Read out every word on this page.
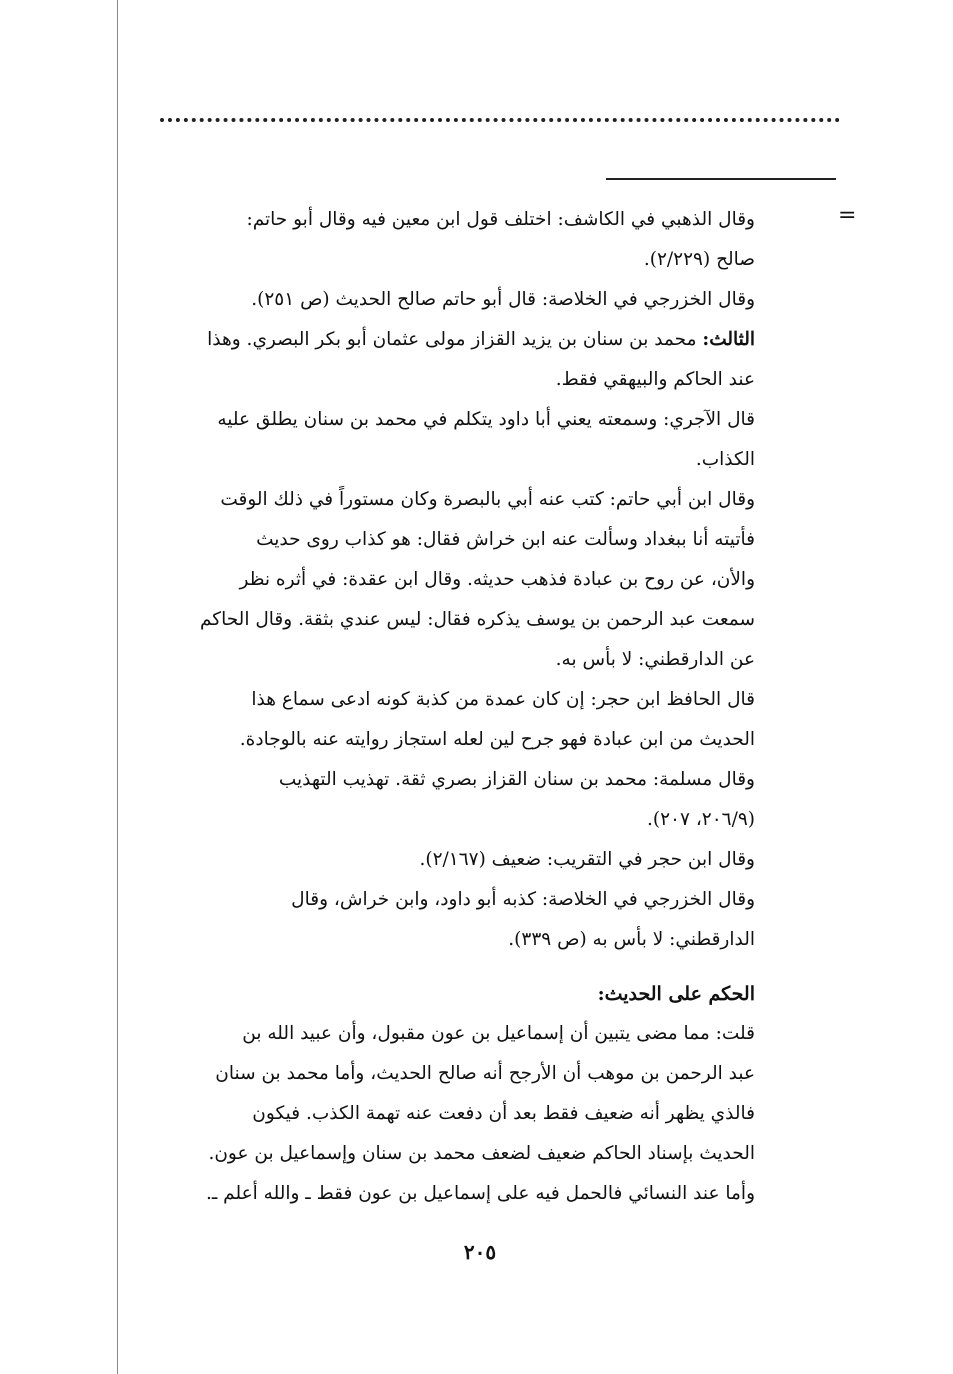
=
وقال الذهبي في الكاشف: اختلف قول ابن معين فيه وقال أبو حاتم:
صالح (٢/٢٢٩).
وقال الخزرجي في الخلاصة: قال أبو حاتم صالح الحديث (ص ٢٥١).
الثالث: محمد بن سنان بن يزيد القزاز مولى عثمان أبو بكر البصري. وهذا
عند الحاكم والبيهقي فقط.
قال الآجري: وسمعته يعني أبا داود يتكلم في محمد بن سنان يطلق عليه
الكذاب.
وقال ابن أبي حاتم: كتب عنه أبي بالبصرة وكان مستوراً في ذلك الوقت
فأتيته أنا ببغداد وسألت عنه ابن خراش فقال: هو كذاب روى حديث
والأن، عن روح بن عبادة فذهب حديثه. وقال ابن عقدة: في أثره نظر
سمعت عبد الرحمن بن يوسف يذكره فقال: ليس عندي بثقة. وقال الحاكم
عن الدارقطني: لا بأس به.
قال الحافظ ابن حجر: إن كان عمدة من كذبة كونه ادعى سماع هذا
الحديث من ابن عبادة فهو جرح لين لعله استجاز روايته عنه بالوجادة.
وقال مسلمة: محمد بن سنان القزاز بصري ثقة. تهذيب التهذيب
(٢٠٦/٩، ٢٠٧).
وقال ابن حجر في التقريب: ضعيف (٢/١٦٧).
وقال الخزرجي في الخلاصة: كذبه أبو داود، وابن خراش، وقال
الدارقطني: لا بأس به (ص ٣٣٩).
الحكم على الحديث:
قلت: مما مضى يتبين أن إسماعيل بن عون مقبول، وأن عبيد الله بن
عبد الرحمن بن موهب أن الأرجح أنه صالح الحديث، وأما محمد بن سنان
فالذي يظهر أنه ضعيف فقط بعد أن دفعت عنه تهمة الكذب. فيكون
الحديث بإسناد الحاكم ضعيف لضعف محمد بن سنان وإسماعيل بن عون.
وأما عند النسائي فالحمل فيه على إسماعيل بن عون فقط ـ والله أعلم ـ.
٢٠٥
